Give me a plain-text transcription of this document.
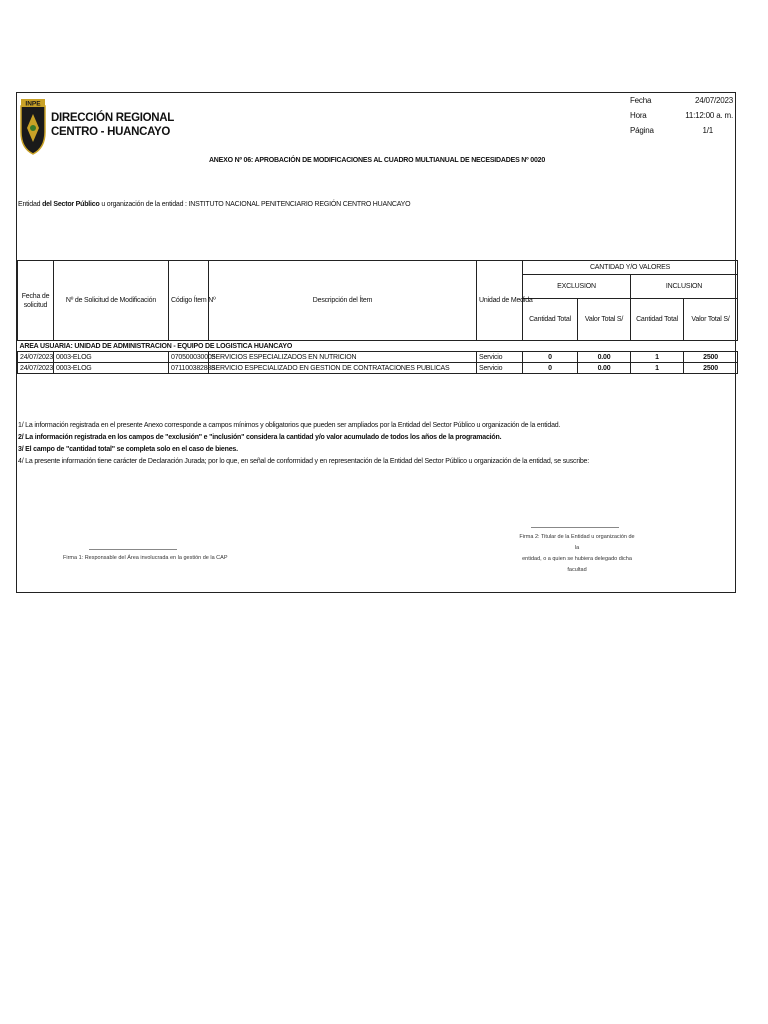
INPE
DIRECCIÓN REGIONAL
CENTRO - HUANCAYO
Fecha	24/07/2023
Hora	11:12:00 a. m.
Página	1/1
ANEXO Nº 06: APROBACIÓN DE MODIFICACIONES AL CUADRO MULTIANUAL DE NECESIDADES Nº 0020
Entidad del Sector Público u organización de la entidad : INSTITUTO NACIONAL PENITENCIARIO REGIÓN CENTRO HUANCAYO
Fecha de solicitud	Nº de Solicitud de Modificación	Código Ítem Nº	Descripción del Ítem	Unidad de Medida	CANTIDAD Y/O VALORES			
					EXCLUSION		INCLUSION	
					Cantidad Total	Valor Total S/	Cantidad Total	Valor Total S/
AREA USUARIA: UNIDAD DE ADMINISTRACION - EQUIPO DE LOGISTICA HUANCAYO								
24/07/2023	0003-ELOG	070500030005	SERVICIOS ESPECIALIZADOS EN NUTRICION	Servicio	0	0.00	1	2500
24/07/2023	0003-ELOG	071100382888	SERVICIO ESPECIALIZADO EN GESTION DE CONTRATACIONES PUBLICAS	Servicio	0	0.00	1	2500
1/ La información registrada en el presente Anexo corresponde a campos mínimos y obligatorios que pueden ser ampliados por la Entidad del Sector Público u organización de la entidad.
2/ La información registrada en los campos de "exclusión" e "inclusión" considera la cantidad y/o valor acumulado de todos los años de la programación.
3/ El campo de "cantidad total" se completa solo en el caso de bienes.
4/ La presente información tiene carácter de Declaración Jurada; por lo que, en señal de conformidad y en representación de la Entidad del Sector Público u organización de la entidad, se suscribe:
Firma 1: Responsable del Área involucrada en la gestión de la CAP
Firma 2: Titular de la Entidad u organización de la
entidad, o a quien se hubiera delegado dicha
facultad
